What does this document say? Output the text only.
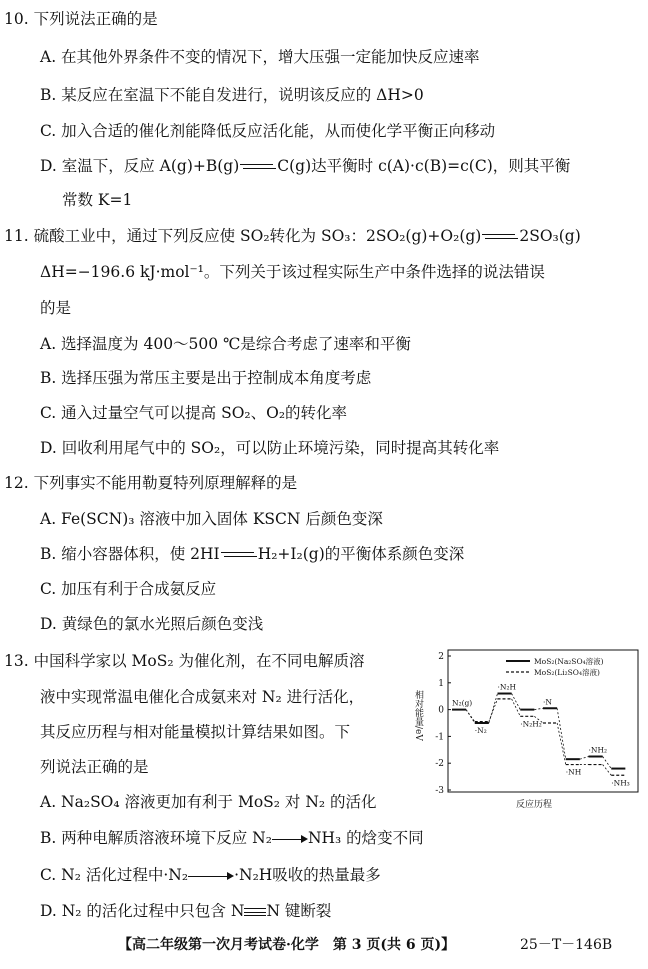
10. 下列说法正确的是
A. 在其他外界条件不变的情况下，增大压强一定能加快反应速率
B. 某反应在室温下不能自发进行，说明该反应的 ΔH>0
C. 加入合适的催化剂能降低反应活化能，从而使化学平衡正向移动
D. 室温下，反应 A(g)+B(g) C(g)达平衡时 c(A)·c(B)=c(C)，则其平衡
常数 K=1
11. 硫酸工业中，通过下列反应使 SO₂转化为 SO₃：2SO₂(g)+O₂(g) 2SO₃(g)
ΔH=−196.6 kJ·mol⁻¹。下列关于该过程实际生产中条件选择的说法错误
的是
A. 选择温度为 400～500 ℃是综合考虑了速率和平衡
B. 选择压强为常压主要是出于控制成本角度考虑
C. 通入过量空气可以提高 SO₂、O₂的转化率
D. 回收利用尾气中的 SO₂，可以防止环境污染，同时提高其转化率
12. 下列事实不能用勒夏特列原理解释的是
A. Fe(SCN)₃ 溶液中加入固体 KSCN 后颜色变深
B. 缩小容器体积，使 2HI H₂+I₂(g)的平衡体系颜色变深
C. 加压有利于合成氨反应
D. 黄绿色的氯水光照后颜色变浅
13. 中国科学家以 MoS₂ 为催化剂，在不同电解质溶
液中实现常温电催化合成氨来对 N₂ 进行活化，
其反应历程与相对能量模拟计算结果如图。下
列说法正确的是
A. Na₂SO₄ 溶液更加有利于 MoS₂ 对 N₂ 的活化
B. 两种电解质溶液环境下反应 N₂ NH₃ 的焓变不同
C. N₂ 活化过程中·N₂	·N₂H吸收的热量最多
D. N₂ 的活化过程中只包含 N N 键断裂
2
1
0
-1
-2
-3
相对能量/eV
MoS₂(Na₂SO₄溶液)
MoS₂(Li₂SO₄溶液)
N₂(g)
·N₂
·N₂H
·N₂H₂
·N
·NH
·NH₂
·NH₃
反应历程
【高二年级第一次月考试卷·化学　第 3 页(共 6 页)】	25－T－146B
